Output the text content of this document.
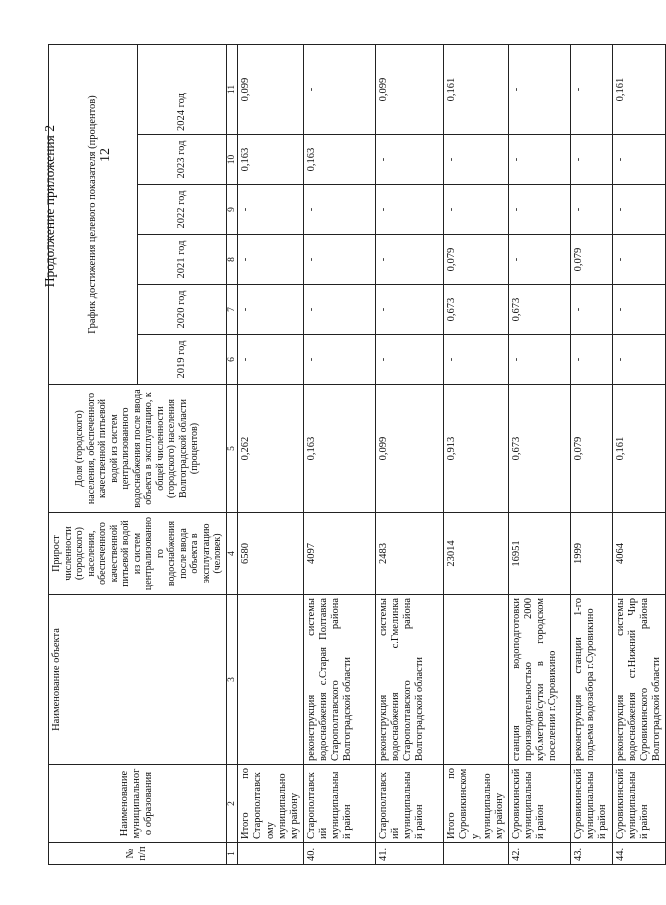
12
Продолжение приложения 2
№ п/п	Наименование муниципального образования	Наименование объекта	Прирост численности (городского) населения, обеспеченного качественной питьевой водой из систем централизованного водоснабжения после ввода объекта в эксплуатацию (человек)	Доля (городского) населения, обеспеченного качественной питьевой водой из систем централизованного водоснабжения после ввода объекта в эксплуатацию, к общей численности (городского) населения Волгоградской области (процентов)	График достижения целевого показателя (процентов)					
					2019 год	2020 год	2021 год	2022 год	2023 год	2024 год
1	2	3	4	5	6	7	8	9	10	11
	Итого по Старополтавскому муниципальному району		6580	0,262	-	-	-	-	0,163	0,099
40.	Старополтавский муниципальный район	реконструкция системы водоснабжения с.Старая Полтавка Старополтавского района Волгоградской области	4097	0,163	-	-	-	-	0,163	-
41.	Старополтавский муниципальный район	реконструкция системы водоснабжения с.Гмелинка Старополтавского района Волгоградской области	2483	0,099	-	-	-	-	-	0,099
	Итого по Суровикинскому муниципальному району		23014	0,913	-	0,673	0,079	-	-	0,161
42.	Суровикинский муниципальный район	станция водоподготовки производительностью 2000 куб.метров/сутки в городском поселении г.Суровикино	16951	0,673	-	0,673	-	-	-	-
43.	Суровикинский муниципальный район	реконструкция станции 1-го подъема водозабора г.Суровикино	1999	0,079	-	-	0,079	-	-	-
44.	Суровикинский муниципальный район	реконструкция системы водоснабжения ст.Нижний Чир Суровикинского района Волгоградской области	4064	0,161	-	-	-	-	-	0,161
